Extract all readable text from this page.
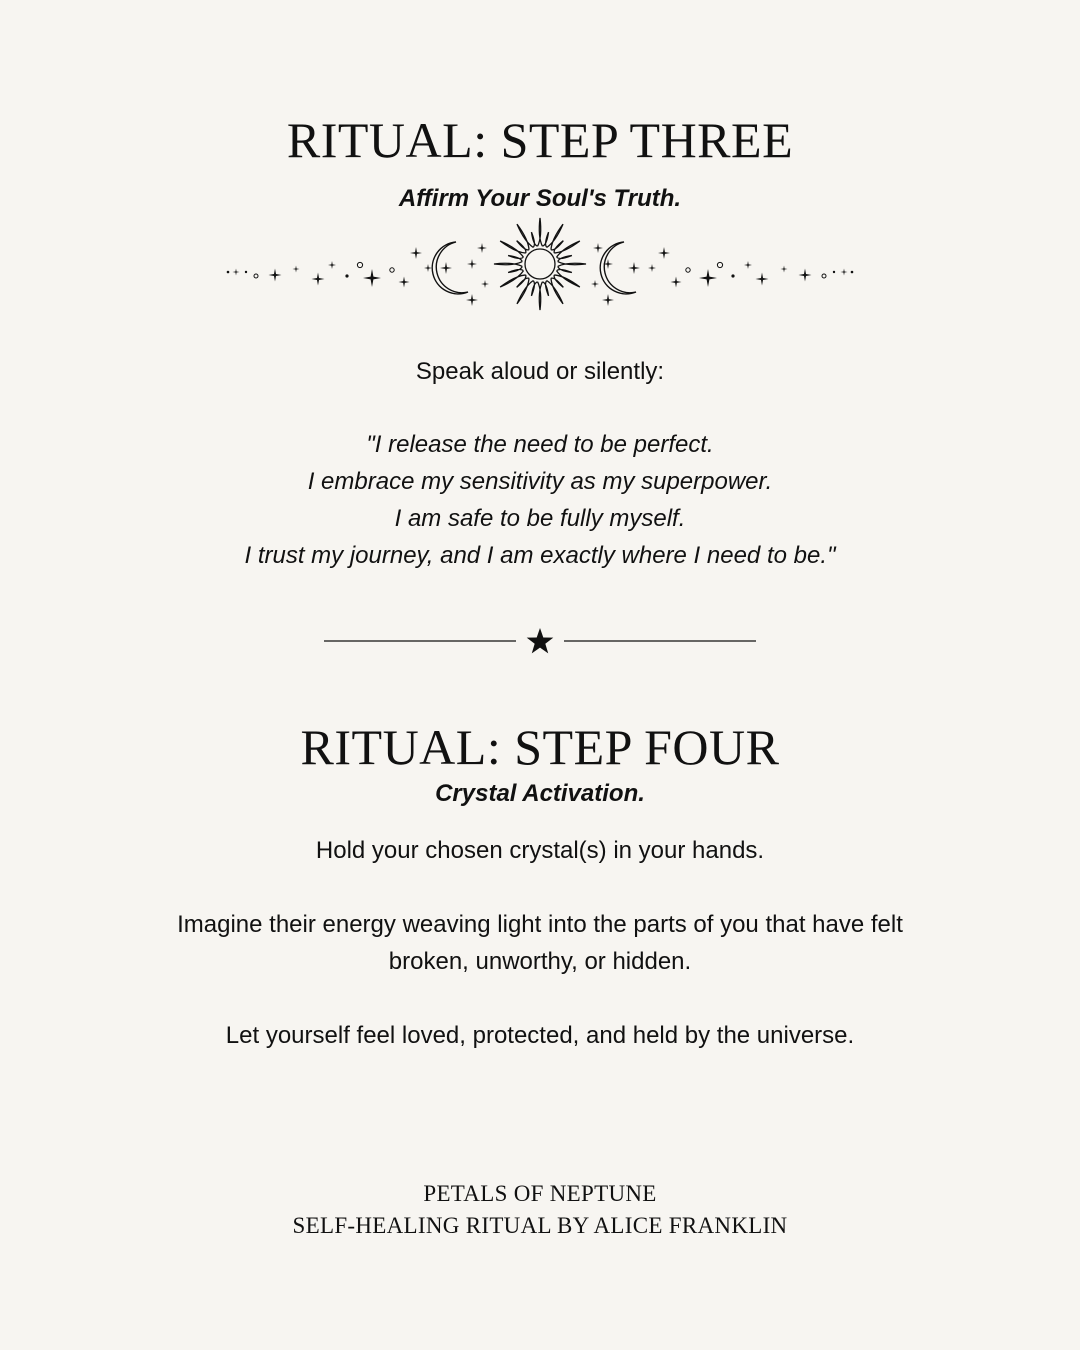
RITUAL: STEP THREE
Affirm Your Soul's Truth.
Speak aloud or silently:
"I release the need to be perfect.
I embrace my sensitivity as my superpower.
I am safe to be fully myself.
I trust my journey, and I am exactly where I need to be."
RITUAL: STEP FOUR
Crystal Activation.
Hold your chosen crystal(s) in your hands.
Imagine their energy weaving light into the parts of you that have felt
broken, unworthy, or hidden.
Let yourself feel loved, protected, and held by the universe.
PETALS OF NEPTUNE
SELF-HEALING RITUAL BY ALICE FRANKLIN
